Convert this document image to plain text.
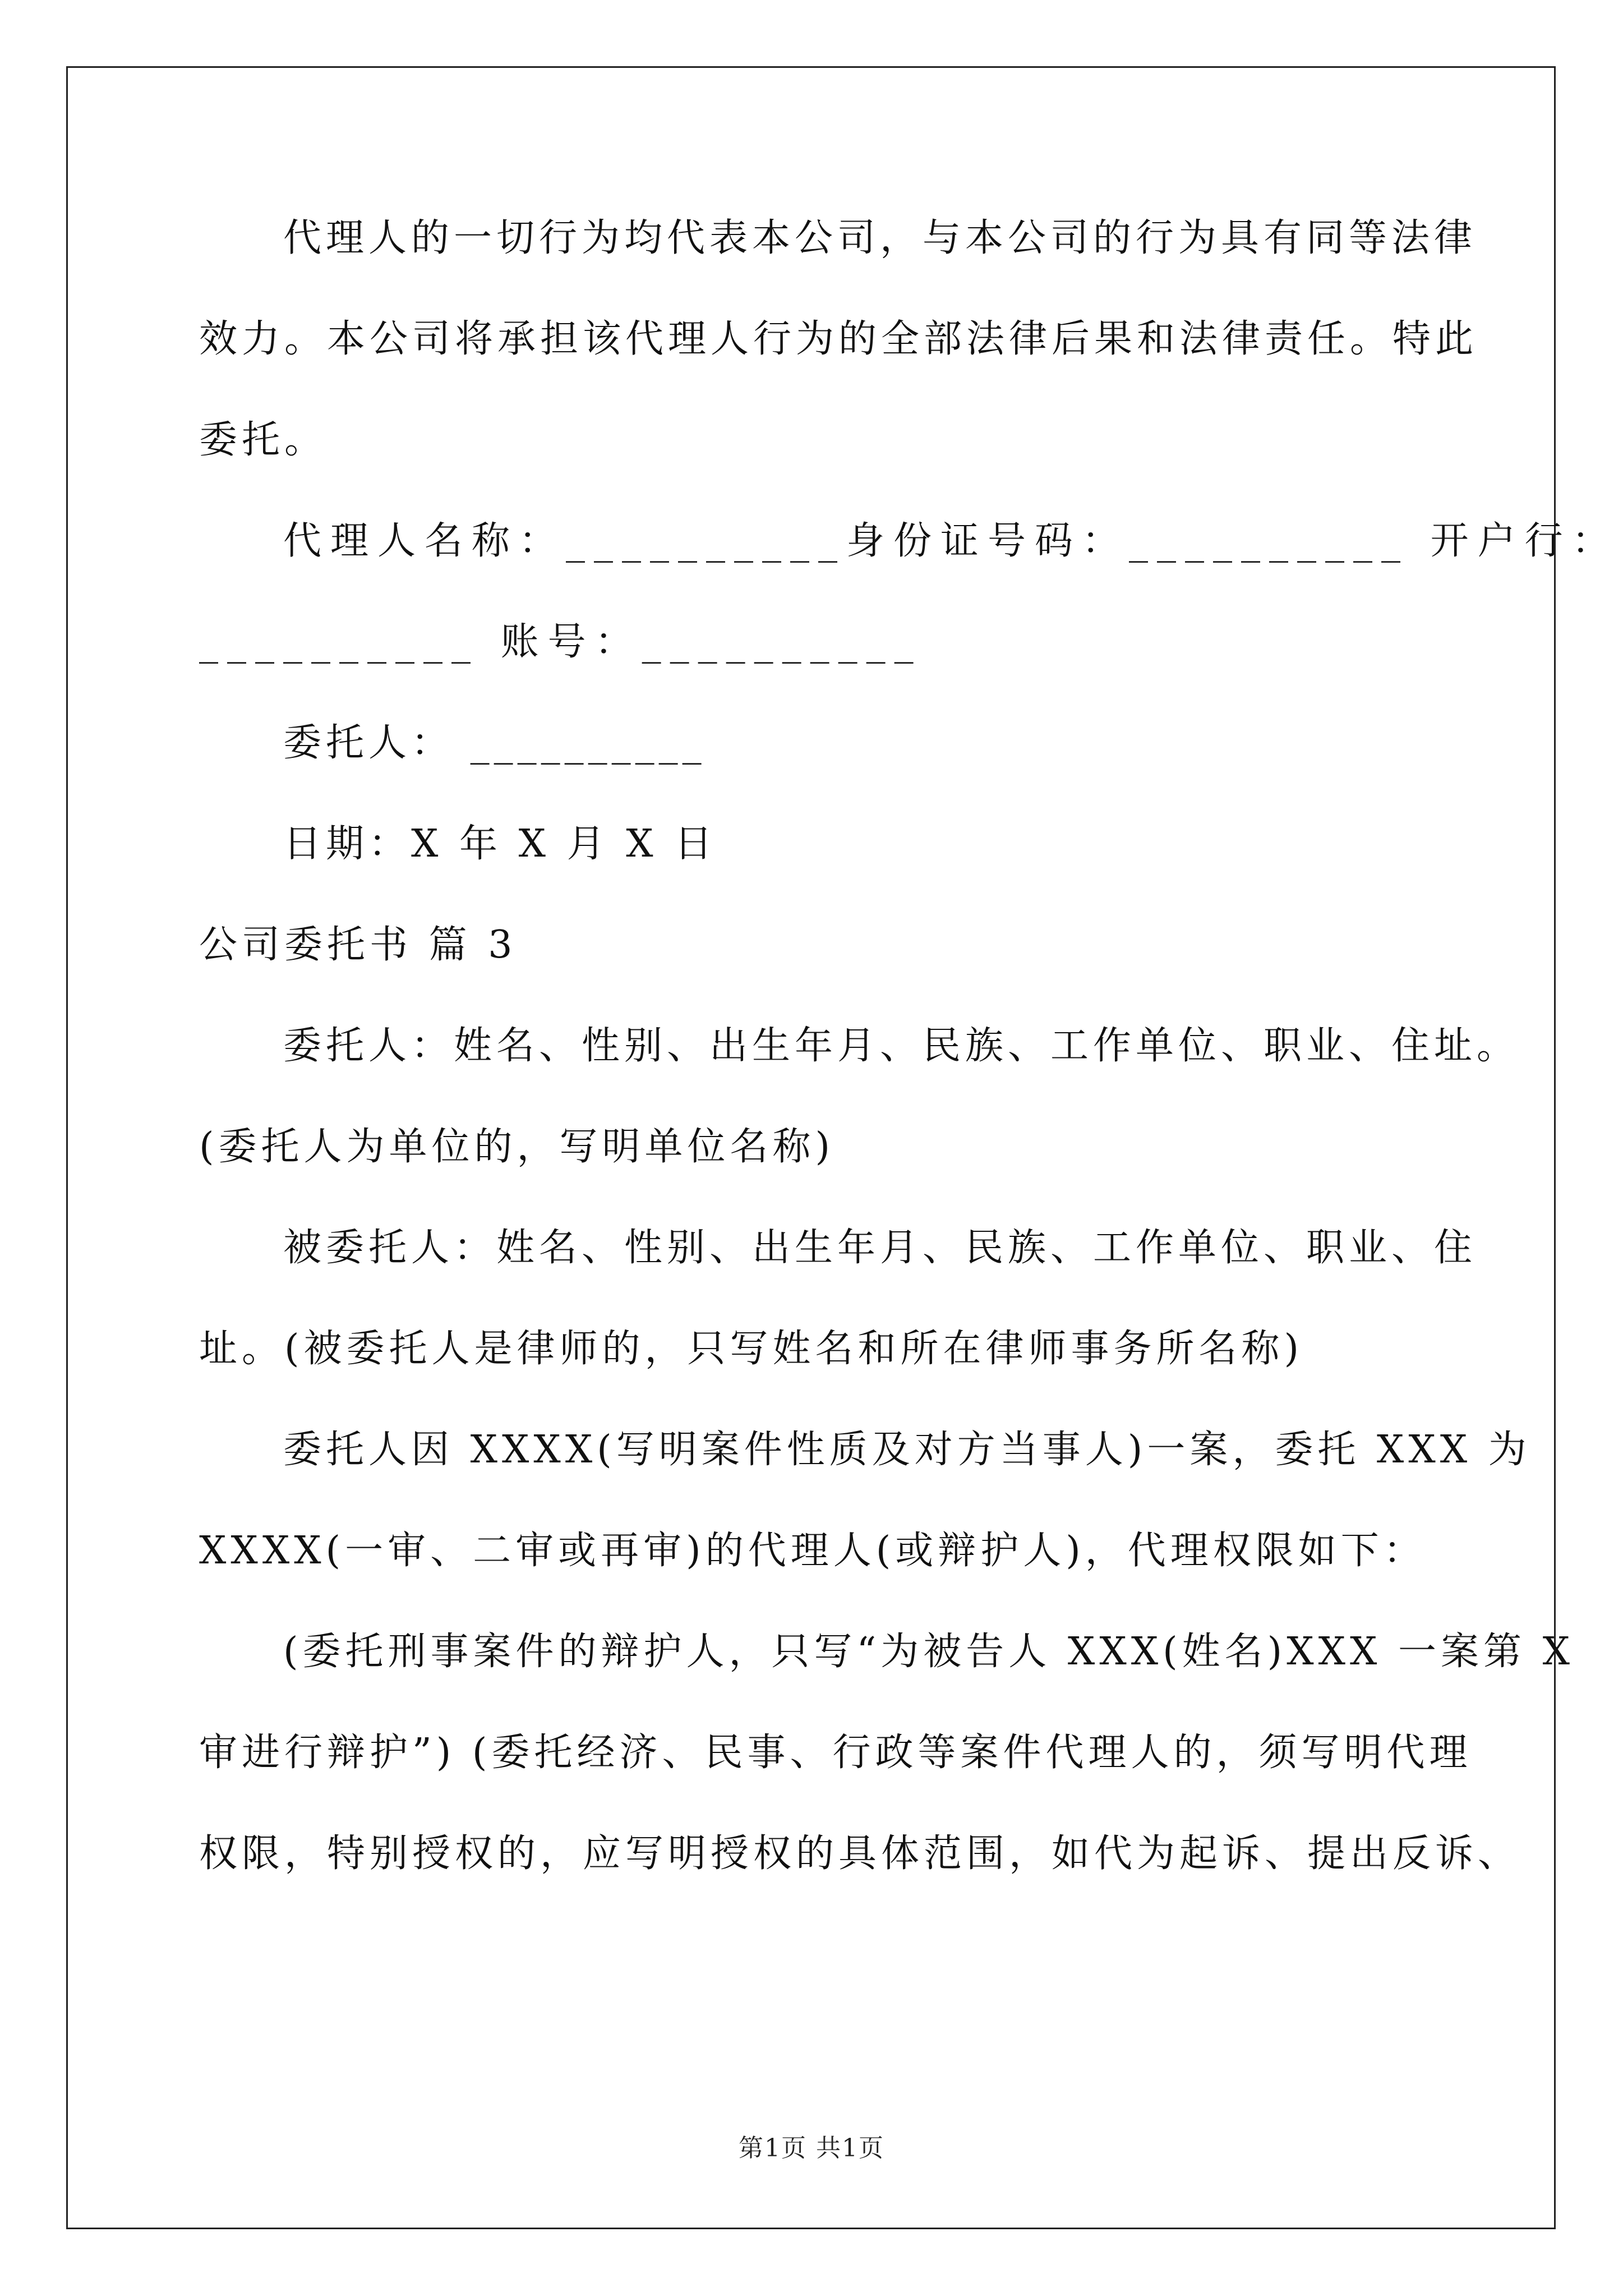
代理人的一切行为均代表本公司，与本公司的行为具有同等法律
效力。本公司将承担该代理人行为的全部法律后果和法律责任。特此
委托。
代理人名称：__________身份证号码：__________ 开户行：
__________ 账号：__________
委托人： __________
日期：X 年 X 月 X 日
公司委托书 篇 3
委托人：姓名、性别、出生年月、民族、工作单位、职业、住址。
(委托人为单位的，写明单位名称)
被委托人：姓名、性别、出生年月、民族、工作单位、职业、住
址。(被委托人是律师的，只写姓名和所在律师事务所名称)
委托人因 XXXX(写明案件性质及对方当事人)一案，委托 XXX 为
XXXX(一审、二审或再审)的代理人(或辩护人)，代理权限如下：
(委托刑事案件的辩护人，只写“为被告人 XXX(姓名)XXX 一案第 X
审进行辩护”) (委托经济、民事、行政等案件代理人的，须写明代理
权限，特别授权的，应写明授权的具体范围，如代为起诉、提出反诉、
第1页 共1页
